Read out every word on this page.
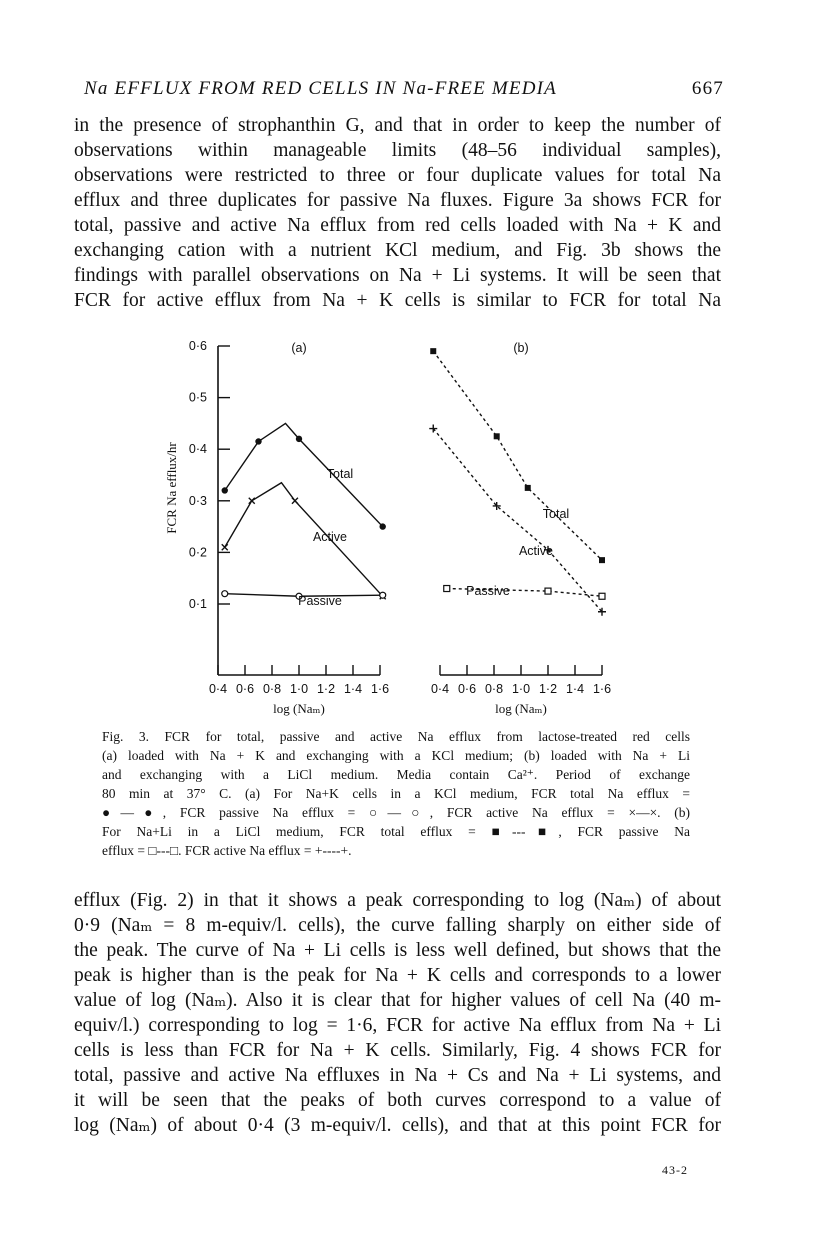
Na EFFLUX FROM RED CELLS IN Na-FREE MEDIA	667
in the presence of strophanthin G, and that in order to keep the number of
observations within manageable limits (48–56 individual samples),
observations were restricted to three or four duplicate values for total Na
efflux and three duplicates for passive Na fluxes. Figure 3a shows FCR for
total, passive and active Na efflux from red cells loaded with Na + K and
exchanging cation with a nutrient KCl medium, and Fig. 3b shows the
findings with parallel observations on Na + Li systems. It will be seen that
FCR for active efflux from Na + K cells is similar to FCR for total Na
0·6
0·5
0·4
0·3
0·2
0·1
FCR Na efflux/hr
0·4 0·6 0·8 1·0 1·2 1·4 1·6
log (Naₘ)
(a)
Total
Active
Passive
0·4 0·6 0·8 1·0 1·2 1·4 1·6
log (Naₘ)
(b)
Total
Active
Passive
Fig. 3. FCR for total, passive and active Na efflux from lactose-treated red cells
(a) loaded with Na + K and exchanging with a KCl medium; (b) loaded with Na + Li
and exchanging with a LiCl medium. Media contain Ca²⁺. Period of exchange
80 min at 37° C. (a) For Na+K cells in a KCl medium, FCR total Na efflux =
●—●, FCR passive Na efflux = ○—○, FCR active Na efflux = ×—×. (b)
For Na+Li in a LiCl medium, FCR total efflux = ■---■, FCR passive Na
efflux = □---□. FCR active Na efflux = +----+.
efflux (Fig. 2) in that it shows a peak corresponding to log (Naₘ) of about
0·9 (Naₘ = 8 m-equiv/l. cells), the curve falling sharply on either side of
the peak. The curve of Na + Li cells is less well defined, but shows that the
peak is higher than is the peak for Na + K cells and corresponds to a lower
value of log (Naₘ). Also it is clear that for higher values of cell Na (40 m-
equiv/l.) corresponding to log = 1·6, FCR for active Na efflux from Na + Li
cells is less than FCR for Na + K cells. Similarly, Fig. 4 shows FCR for
total, passive and active Na effluxes in Na + Cs and Na + Li systems, and
it will be seen that the peaks of both curves correspond to a value of
log (Naₘ) of about 0·4 (3 m-equiv/l. cells), and that at this point FCR for
43-2
